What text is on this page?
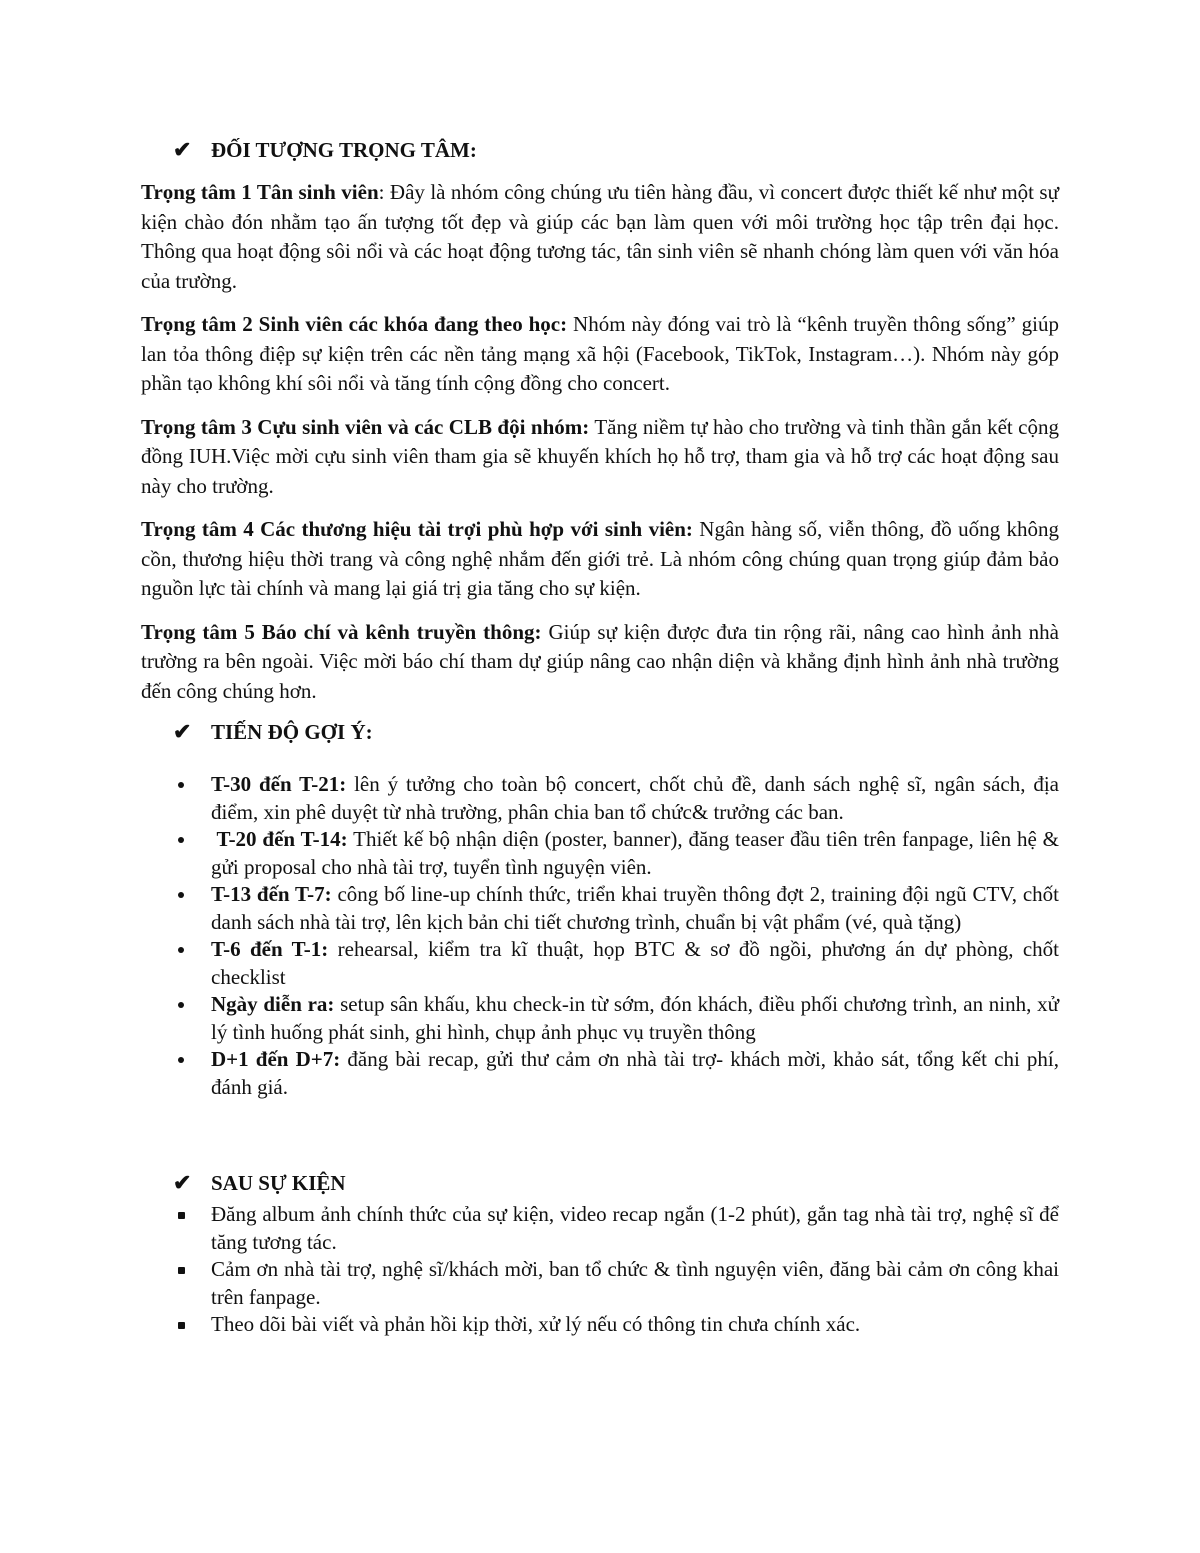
✔ ĐỐI TƯỢNG TRỌNG TÂM:

Trọng tâm 1 Tân sinh viên: Đây là nhóm công chúng ưu tiên hàng đầu, vì concert được thiết kế như một sự kiện chào đón nhằm tạo ấn tượng tốt đẹp và giúp các bạn làm quen với môi trường học tập trên đại học. Thông qua hoạt động sôi nổi và các hoạt động tương tác, tân sinh viên sẽ nhanh chóng làm quen với văn hóa của trường.

Trọng tâm 2 Sinh viên các khóa đang theo học: Nhóm này đóng vai trò là “kênh truyền thông sống” giúp lan tỏa thông điệp sự kiện trên các nền tảng mạng xã hội (Facebook, TikTok, Instagram…). Nhóm này góp phần tạo không khí sôi nổi và tăng tính cộng đồng cho concert.

Trọng tâm 3 Cựu sinh viên và các CLB đội nhóm: Tăng niềm tự hào cho trường và tinh thần gắn kết cộng đồng IUH.Việc mời cựu sinh viên tham gia sẽ khuyến khích họ hỗ trợ, tham gia và hỗ trợ các hoạt động sau này cho trường.

Trọng tâm 4 Các thương hiệu tài trợi phù hợp với sinh viên: Ngân hàng số, viễn thông, đồ uống không cồn, thương hiệu thời trang và công nghệ nhắm đến giới trẻ. Là nhóm công chúng quan trọng giúp đảm bảo nguồn lực tài chính và mang lại giá trị gia tăng cho sự kiện.

Trọng tâm 5 Báo chí và kênh truyền thông: Giúp sự kiện được đưa tin rộng rãi, nâng cao hình ảnh nhà trường ra bên ngoài. Việc mời báo chí tham dự giúp nâng cao nhận diện và khẳng định hình ảnh nhà trường đến công chúng hơn.

✔ TIẾN ĐỘ GỢI Ý:
T-30 đến T-21: lên ý tưởng cho toàn bộ concert, chốt chủ đề, danh sách nghệ sĩ, ngân sách, địa điểm, xin phê duyệt từ nhà trường, phân chia ban tổ chức& trưởng các ban.
T-20 đến T-14: Thiết kế bộ nhận diện (poster, banner), đăng teaser đầu tiên trên fanpage, liên hệ & gửi proposal cho nhà tài trợ, tuyển tình nguyện viên.
T-13 đến T-7: công bố line-up chính thức, triển khai truyền thông đợt 2, training đội ngũ CTV, chốt danh sách nhà tài trợ, lên kịch bản chi tiết chương trình, chuẩn bị vật phẩm (vé, quà tặng)
T-6 đến T-1: rehearsal, kiểm tra kĩ thuật, họp BTC & sơ đồ ngồi, phương án dự phòng, chốt checklist
Ngày diễn ra: setup sân khấu, khu check-in từ sớm, đón khách, điều phối chương trình, an ninh, xử lý tình huống phát sinh, ghi hình, chụp ảnh phục vụ truyền thông
D+1 đến D+7: đăng bài recap, gửi thư cảm ơn nhà tài trợ- khách mời, khảo sát, tổng kết chi phí, đánh giá.
✔ SAU SỰ KIỆN
Đăng album ảnh chính thức của sự kiện, video recap ngắn (1-2 phút), gắn tag nhà tài trợ, nghệ sĩ để tăng tương tác.
Cảm ơn nhà tài trợ, nghệ sĩ/khách mời, ban tổ chức & tình nguyện viên, đăng bài cảm ơn công khai trên fanpage.
Theo dõi bài viết và phản hồi kịp thời, xử lý nếu có thông tin chưa chính xác.
